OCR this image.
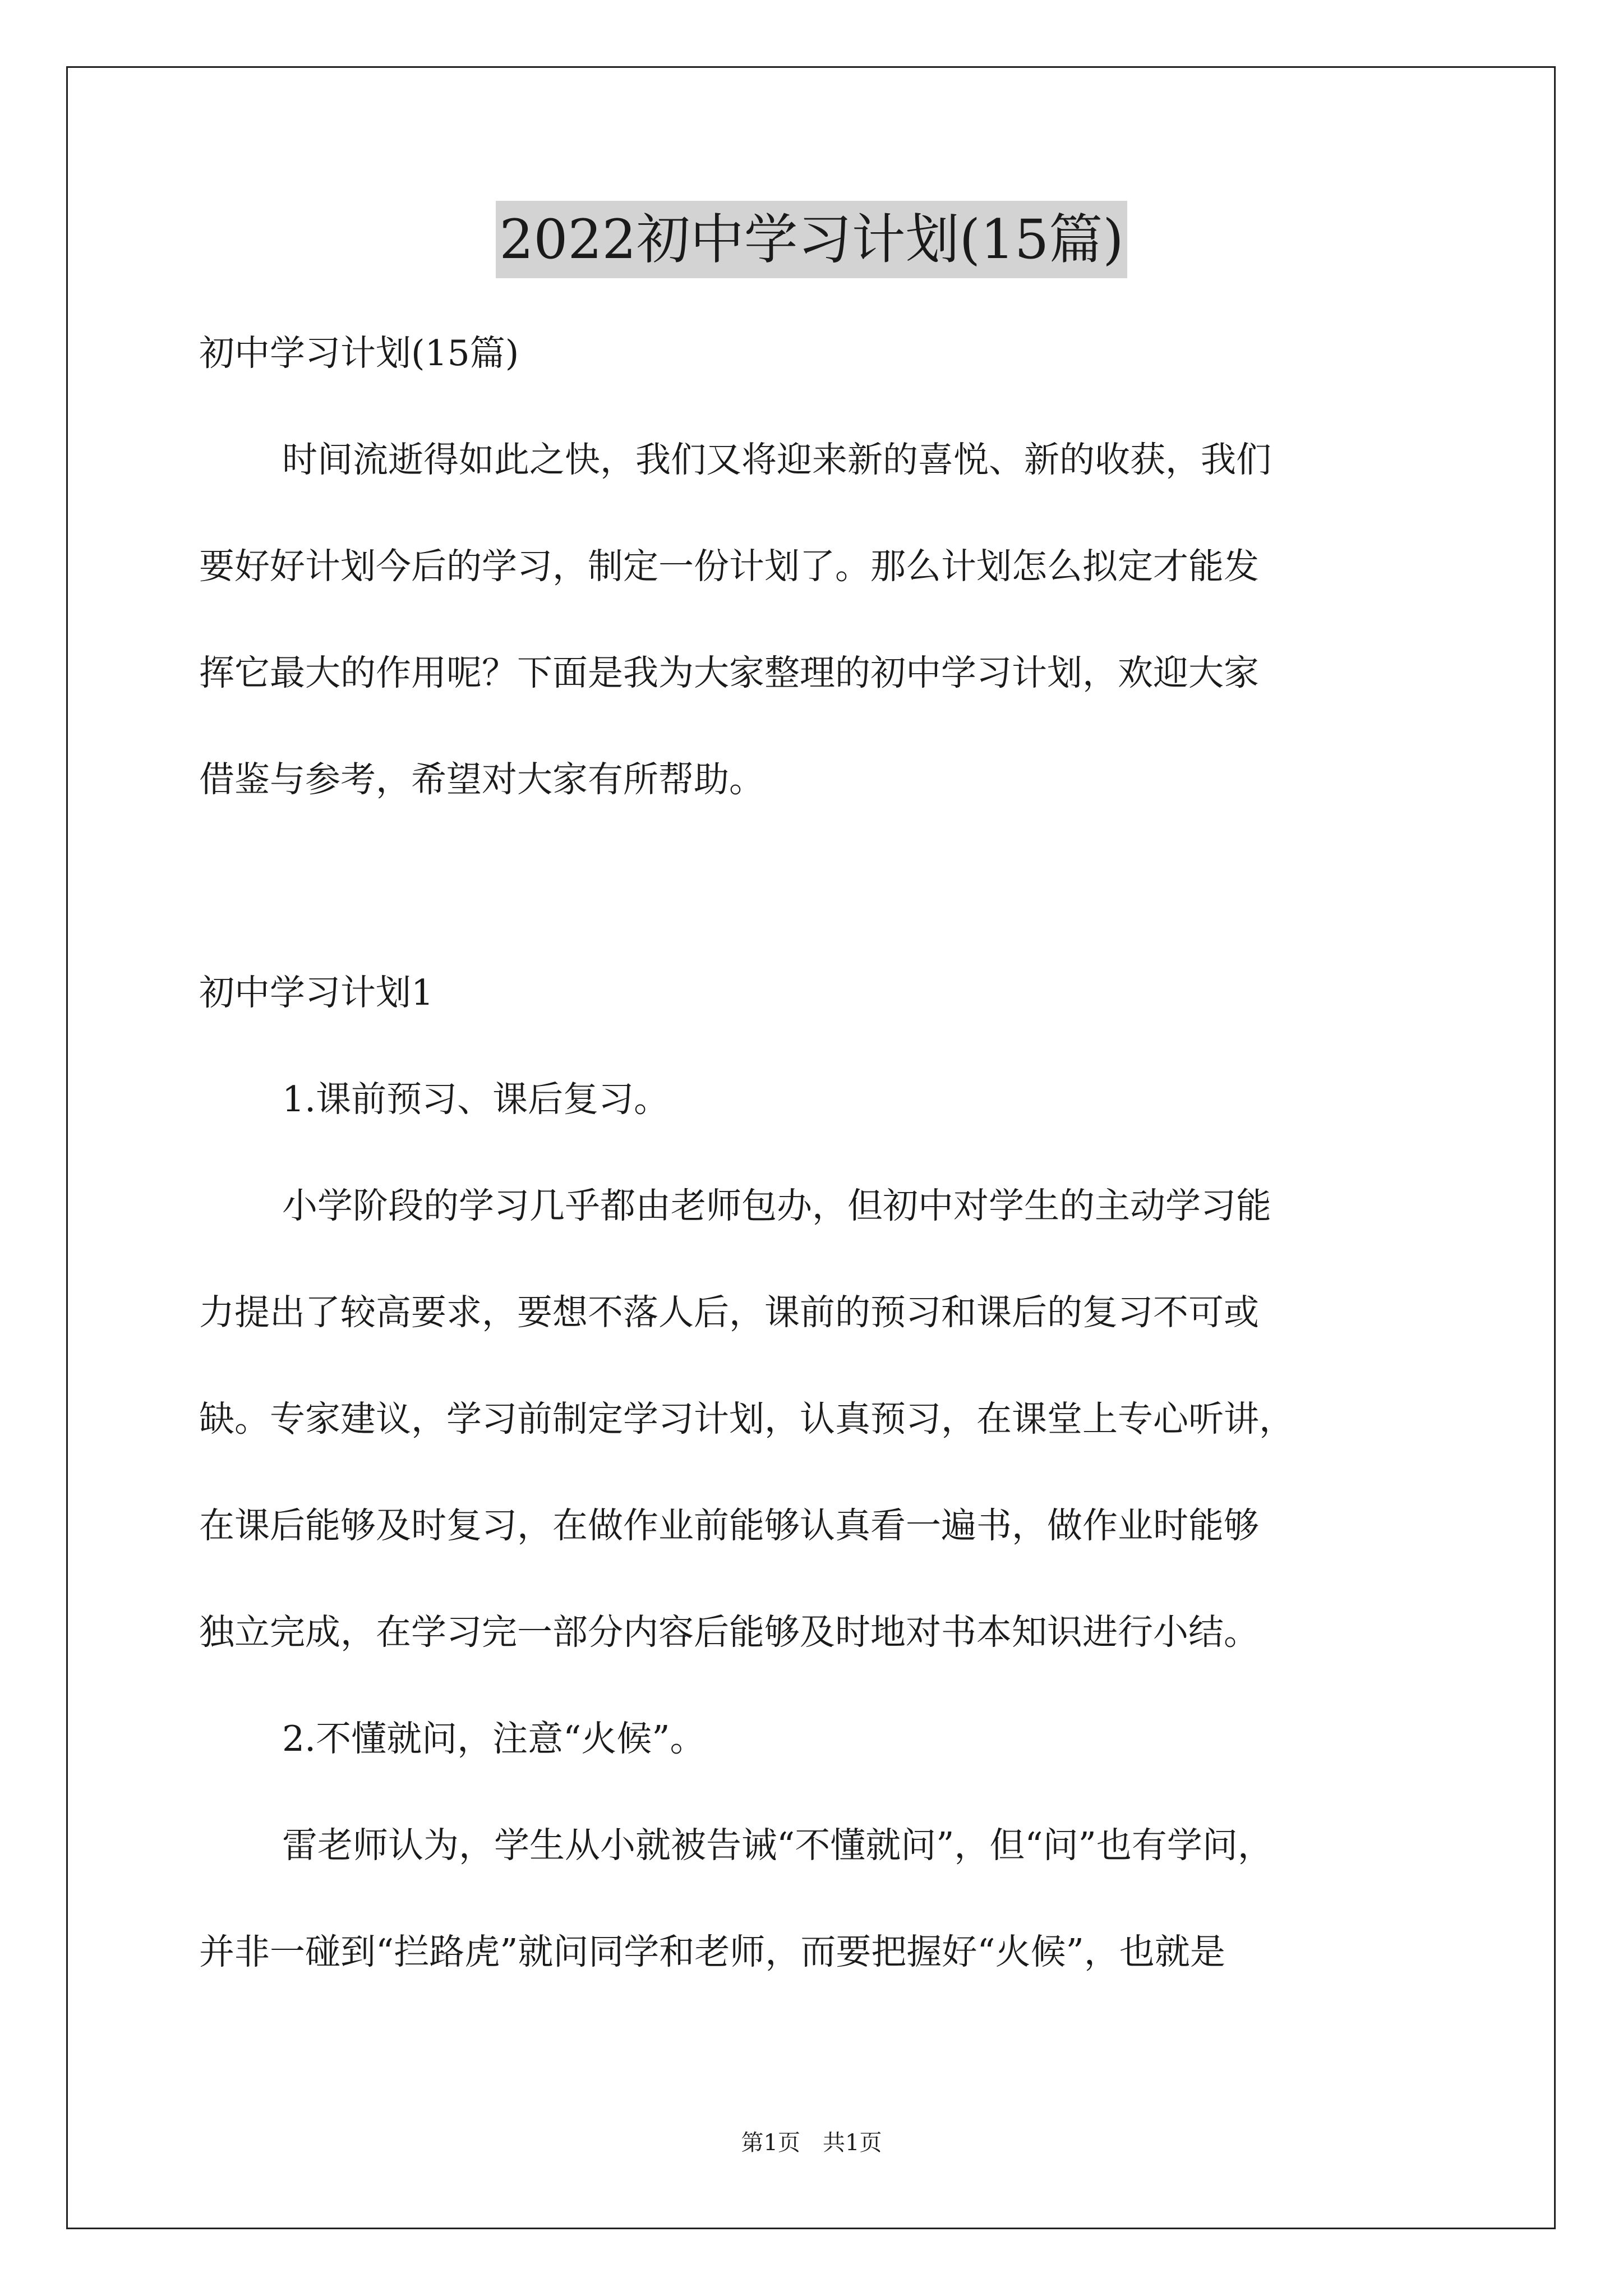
2022初中学习计划(15篇)

初中学习计划(15篇)

时间流逝得如此之快，我们又将迎来新的喜悦、新的收获，我们

要好好计划今后的学习，制定一份计划了。那么计划怎么拟定才能发

挥它最大的作用呢？下面是我为大家整理的初中学习计划，欢迎大家

借鉴与参考，希望对大家有所帮助。

初中学习计划1

1.课前预习、课后复习。

小学阶段的学习几乎都由老师包办，但初中对学生的主动学习能

力提出了较高要求，要想不落人后，课前的预习和课后的复习不可或

缺。专家建议，学习前制定学习计划，认真预习，在课堂上专心听讲，

在课后能够及时复习，在做作业前能够认真看一遍书，做作业时能够

独立完成，在学习完一部分内容后能够及时地对书本知识进行小结。

2.不懂就问，注意“火候”。

雷老师认为，学生从小就被告诫“不懂就问”，但“问”也有学问，

并非一碰到“拦路虎”就问同学和老师，而要把握好“火候”，也就是

第1页 共1页
